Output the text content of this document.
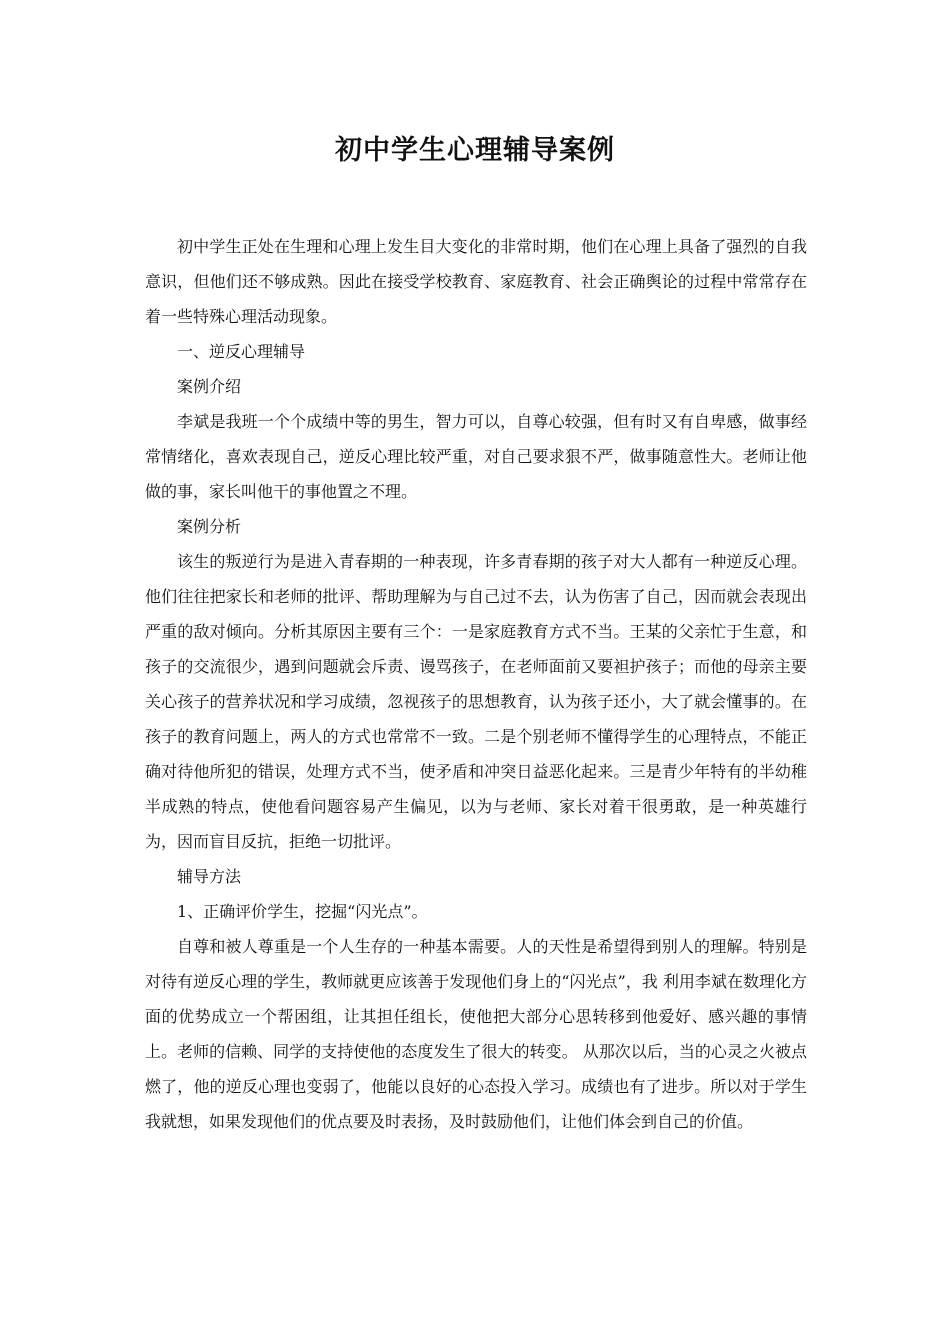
初中学生心理辅导案例

初中学生正处在生理和心理上发生目大变化的非常时期，他们在心理上具备了强烈的自我意识，但他们还不够成熟。因此在接受学校教育、家庭教育、社会正确舆论的过程中常常存在着一些特殊心理活动现象。

一、逆反心理辅导

案例介绍

李斌是我班一个个成绩中等的男生，智力可以，自尊心较强，但有时又有自卑感，做事经常情绪化，喜欢表现自己，逆反心理比较严重，对自己要求狠不严，做事随意性大。老师让他做的事，家长叫他干的事他置之不理。

案例分析

该生的叛逆行为是进入青春期的一种表现，许多青春期的孩子对大人都有一种逆反心理。他们往往把家长和老师的批评、帮助理解为与自己过不去，认为伤害了自己，因而就会表现出严重的敌对倾向。分析其原因主要有三个：一是家庭教育方式不当。王某的父亲忙于生意，和孩子的交流很少，遇到问题就会斥责、谩骂孩子，在老师面前又要袒护孩子；而他的母亲主要关心孩子的营养状况和学习成绩，忽视孩子的思想教育，认为孩子还小，大了就会懂事的。在孩子的教育问题上，两人的方式也常常不一致。二是个别老师不懂得学生的心理特点，不能正确对待他所犯的错误，处理方式不当，使矛盾和冲突日益恶化起来。三是青少年特有的半幼稚半成熟的特点，使他看问题容易产生偏见，以为与老师、家长对着干很勇敢，是一种英雄行为，因而盲目反抗，拒绝一切批评。

辅导方法

1、正确评价学生，挖掘“闪光点”。

自尊和被人尊重是一个人生存的一种基本需要。人的天性是希望得到别人的理解。特别是对待有逆反心理的学生，教师就更应该善于发现他们身上的“闪光点”，我 利用李斌在数理化方面的优势成立一个帮困组，让其担任组长，使他把大部分心思转移到他爱好、感兴趣的事情上。老师的信赖、同学的支持使他的态度发生了很大的转变。 从那次以后，当的心灵之火被点燃了，他的逆反心理也变弱了，他能以良好的心态投入学习。成绩也有了进步。所以对于学生我就想，如果发现他们的优点要及时表扬，及时鼓励他们，让他们体会到自己的价值。
